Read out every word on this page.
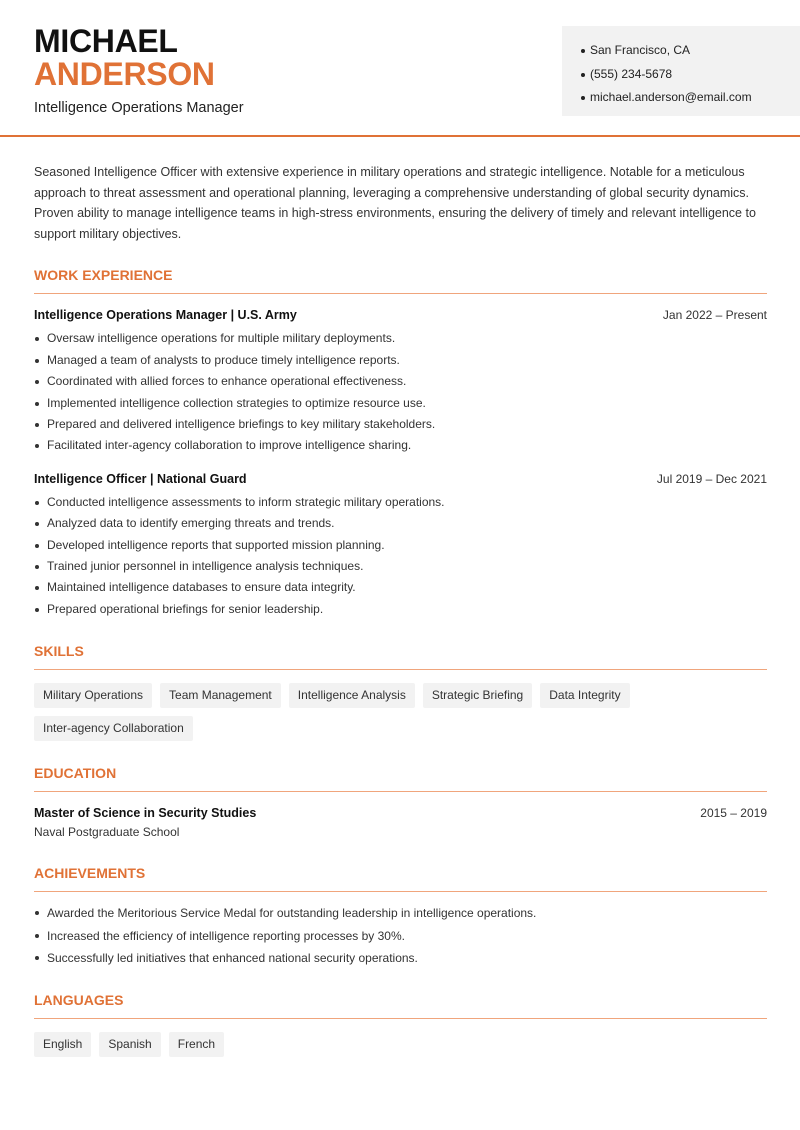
MICHAEL
ANDERSON
Intelligence Operations Manager
San Francisco, CA
(555) 234-5678
michael.anderson@email.com

Seasoned Intelligence Officer with extensive experience in military operations and strategic intelligence. Notable for a meticulous approach to threat assessment and operational planning, leveraging a comprehensive understanding of global security dynamics. Proven ability to manage intelligence teams in high-stress environments, ensuring the delivery of timely and relevant intelligence to support military objectives.

WORK EXPERIENCE
Intelligence Operations Manager | U.S. Army	Jan 2022 – Present
Oversaw intelligence operations for multiple military deployments.
Managed a team of analysts to produce timely intelligence reports.
Coordinated with allied forces to enhance operational effectiveness.
Implemented intelligence collection strategies to optimize resource use.
Prepared and delivered intelligence briefings to key military stakeholders.
Facilitated inter-agency collaboration to improve intelligence sharing.
Intelligence Officer | National Guard	Jul 2019 – Dec 2021
Conducted intelligence assessments to inform strategic military operations.
Analyzed data to identify emerging threats and trends.
Developed intelligence reports that supported mission planning.
Trained junior personnel in intelligence analysis techniques.
Maintained intelligence databases to ensure data integrity.
Prepared operational briefings for senior leadership.
SKILLS
Military Operations	Team Management	Intelligence Analysis	Strategic Briefing	Data Integrity
Inter-agency Collaboration
EDUCATION
Master of Science in Security Studies	2015 – 2019
Naval Postgraduate School
ACHIEVEMENTS
Awarded the Meritorious Service Medal for outstanding leadership in intelligence operations.
Increased the efficiency of intelligence reporting processes by 30%.
Successfully led initiatives that enhanced national security operations.
LANGUAGES
English	Spanish	French
